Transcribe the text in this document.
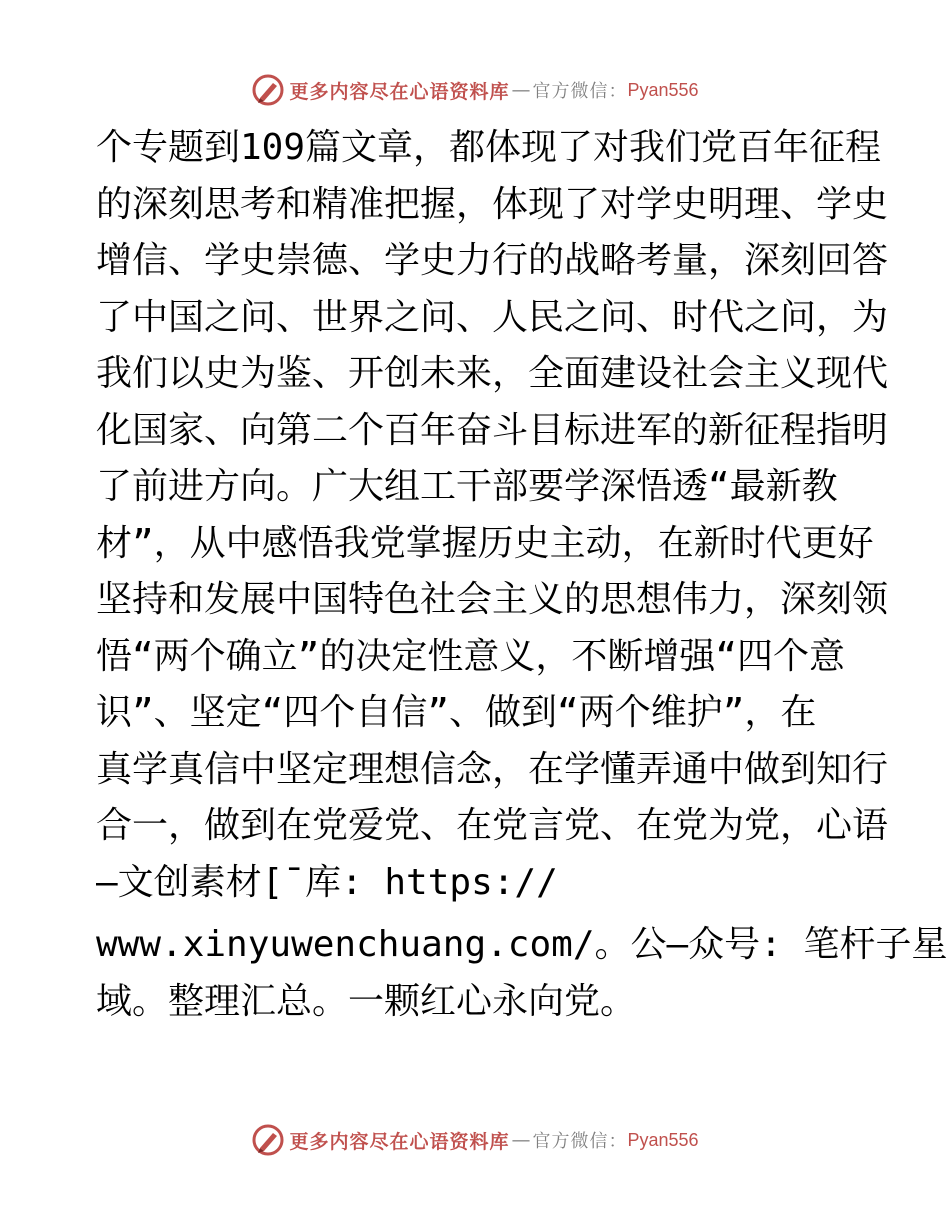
更多内容尽在心语资料库 — 官方微信： Pyan556
个专题到109篇文章，都体现了对我们党百年征程
的深刻思考和精准把握，体现了对学史明理、学史
增信、学史崇德、学史力行的战略考量，深刻回答
了中国之问、世界之问、人民之问、时代之问，为
我们以史为鉴、开创未来，全面建设社会主义现代
化国家、向第二个百年奋斗目标进军的新征程指明
了前进方向。广大组工干部要学深悟透“最新教
材”，从中感悟我党掌握历史主动，在新时代更好
坚持和发展中国特色社会主义的思想伟力，深刻领
悟“两个确立”的决定性意义，不断增强“四个意
识”、坚定“四个自信”、做到“两个维护”，在
真学真信中坚定理想信念，在学懂弄通中做到知行
合一，做到在党爱党、在党言党、在党为党，心语
—文创素材[¯库: https://
www.xinyuwenchuang.com/。公—众号: 笔杆子星
域。整理汇总。一颗红心永向党。
更多内容尽在心语资料库 — 官方微信： Pyan556
